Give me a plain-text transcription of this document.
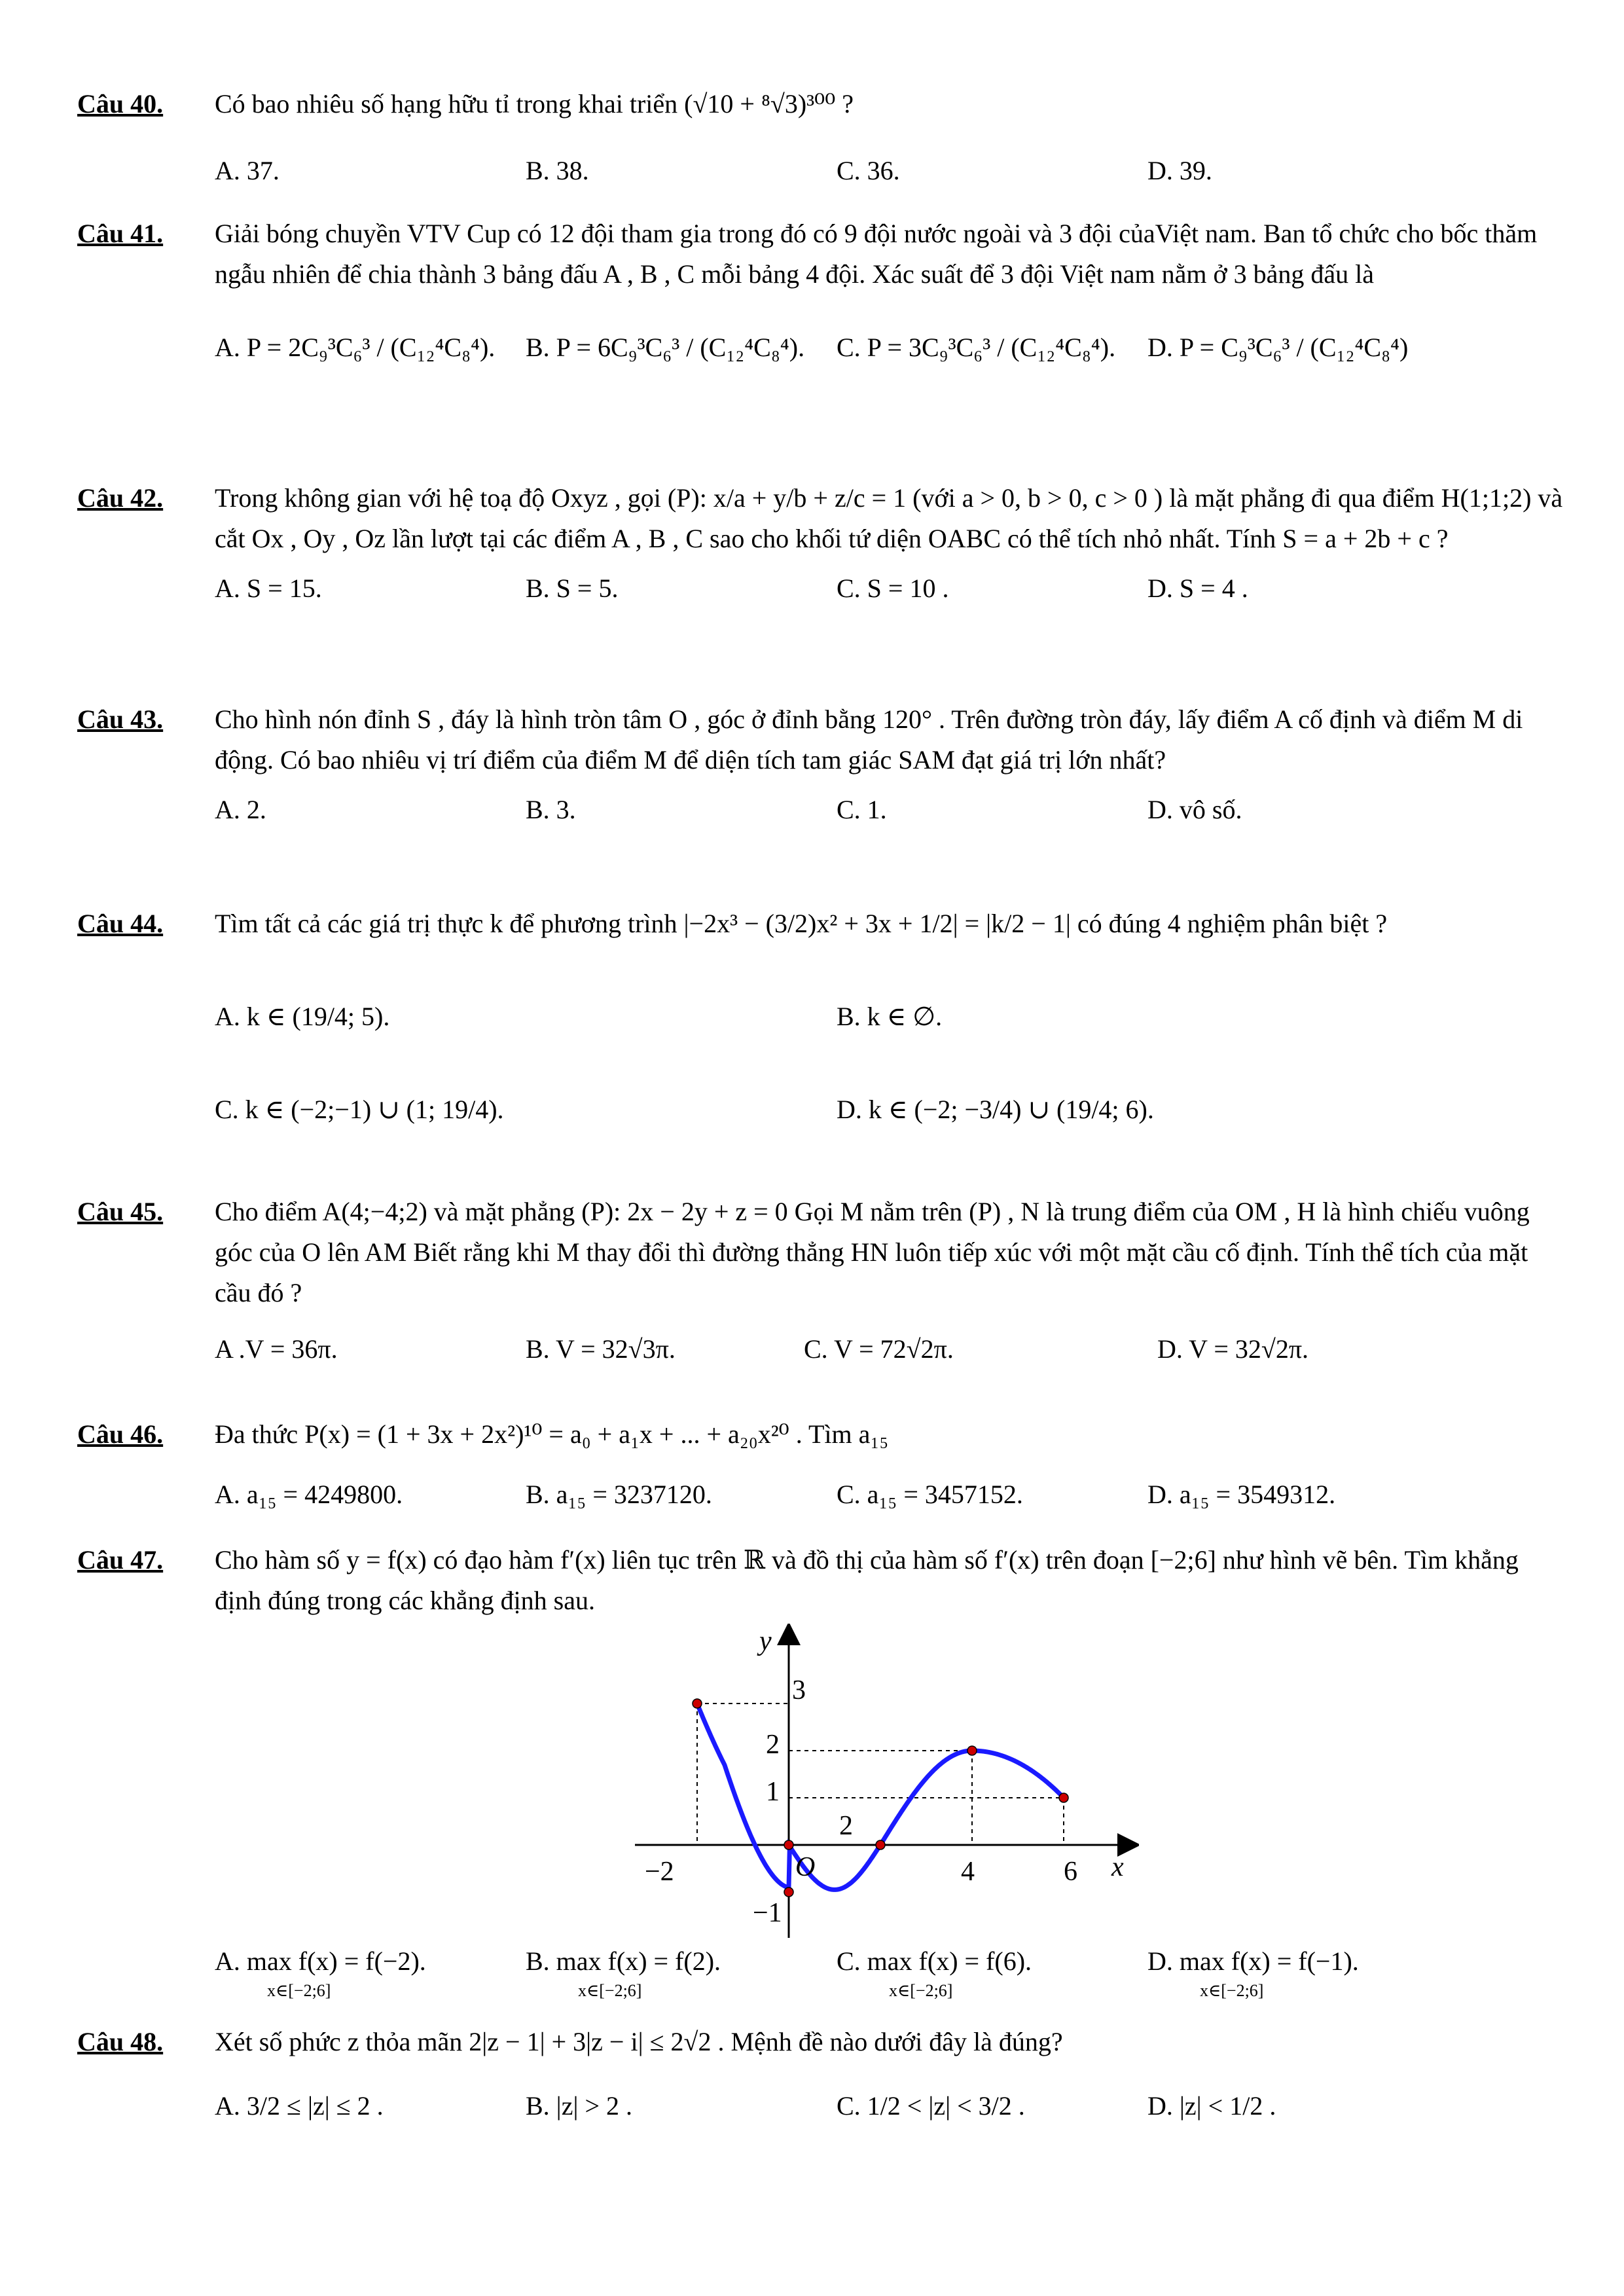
Câu 40.	Có bao nhiêu số hạng hữu tỉ trong khai triển (√10 + ⁸√3)³⁰⁰ ?
A. 37.	B. 38.	C. 36.	D. 39.
Câu 41.	Giải bóng chuyền VTV Cup có 12 đội tham gia trong đó có 9 đội nước ngoài và 3 đội củaViệt nam. Ban tổ chức cho bốc thăm ngẫu nhiên để chia thành 3 bảng đấu A , B , C mỗi bảng 4 đội. Xác suất để 3 đội Việt nam nằm ở 3 bảng đấu là
A. P = 2C₉³C₆³ / (C₁₂⁴C₈⁴).	B. P = 6C₉³C₆³ / (C₁₂⁴C₈⁴).	C. P = 3C₉³C₆³ / (C₁₂⁴C₈⁴).	D. P = C₉³C₆³ / (C₁₂⁴C₈⁴)
Câu 42.	Trong không gian với hệ toạ độ Oxyz , gọi (P): x/a + y/b + z/c = 1 (với a > 0, b > 0, c > 0 ) là mặt phẳng đi qua điểm H(1;1;2) và cắt Ox , Oy , Oz lần lượt tại các điểm A , B , C sao cho khối tứ diện OABC có thể tích nhỏ nhất. Tính S = a + 2b + c ?
A. S = 15.	B. S = 5.	C. S = 10 .	D. S = 4 .
Câu 43.	Cho hình nón đỉnh S , đáy là hình tròn tâm O , góc ở đỉnh bằng 120° . Trên đường tròn đáy, lấy điểm A cố định và điểm M di động. Có bao nhiêu vị trí điểm của điểm M để diện tích tam giác SAM đạt giá trị lớn nhất?
A. 2.	B. 3.	C. 1.	D. vô số.
Câu 44.	Tìm tất cả các giá trị thực k để phương trình |−2x³ − (3/2)x² + 3x + 1/2| = |k/2 − 1| có đúng 4 nghiệm phân biệt ?
A. k ∈ (19/4; 5).	B. k ∈ ∅.
C. k ∈ (−2;−1) ∪ (1; 19/4).	D. k ∈ (−2; −3/4) ∪ (19/4; 6).
Câu 45.	Cho điểm A(4;−4;2) và mặt phẳng (P): 2x − 2y + z = 0 Gọi M nằm trên (P) , N là trung điểm của OM , H là hình chiếu vuông góc của O lên AM Biết rằng khi M thay đổi thì đường thẳng HN luôn tiếp xúc với một mặt cầu cố định. Tính thể tích của mặt cầu đó ?
A .V = 36π.	B. V = 32√3π.	C. V = 72√2π.	D. V = 32√2π.
Câu 46.	Đa thức P(x) = (1 + 3x + 2x²)¹⁰ = a₀ + a₁x + ... + a₂₀x²⁰ . Tìm a₁₅
A. a₁₅ = 4249800.	B. a₁₅ = 3237120.	C. a₁₅ = 3457152.	D. a₁₅ = 3549312.
Câu 47.	Cho hàm số y = f(x) có đạo hàm f′(x) liên tục trên ℝ và đồ thị của hàm số f′(x) trên đoạn [−2;6] như hình vẽ bên. Tìm khẳng định đúng trong các khẳng định sau.
x
y
O
−2
2
4	6
−1
1
2
3
A. max f(x) = f(−2).	B. max f(x) = f(2).	C. max f(x) = f(6).	D. max f(x) = f(−1).
x∈[−2;6]	x∈[−2;6]	x∈[−2;6]	x∈[−2;6]
Câu 48.	Xét số phức z thỏa mãn 2|z − 1| + 3|z − i| ≤ 2√2 . Mệnh đề nào dưới đây là đúng?
A. 3/2 ≤ |z| ≤ 2 .	B. |z| > 2 .	C. 1/2 < |z| < 3/2 .	D. |z| < 1/2 .
